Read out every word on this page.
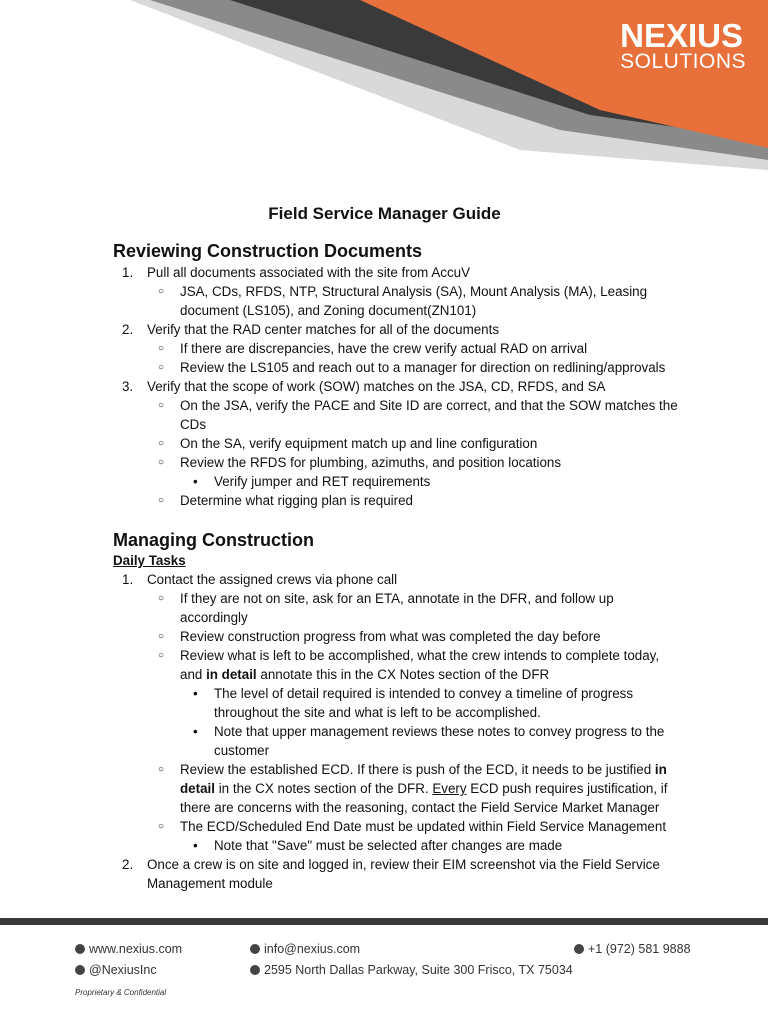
NEXIUS
SOLUTIONS
Field Service Manager Guide
Reviewing Construction Documents
1. Pull all documents associated with the site from AccuV
○ JSA, CDs, RFDS, NTP, Structural Analysis (SA), Mount Analysis (MA), Leasing
document (LS105), and Zoning document(ZN101)
2. Verify that the RAD center matches for all of the documents
○ If there are discrepancies, have the crew verify actual RAD on arrival
○ Review the LS105 and reach out to a manager for direction on redlining/approvals
3. Verify that the scope of work (SOW) matches on the JSA, CD, RFDS, and SA
○ On the JSA, verify the PACE and Site ID are correct, and that the SOW matches the
CDs
○ On the SA, verify equipment match up and line configuration
○ Review the RFDS for plumbing, azimuths, and position locations
• Verify jumper and RET requirements
○ Determine what rigging plan is required
Managing Construction
Daily Tasks
1. Contact the assigned crews via phone call
○ If they are not on site, ask for an ETA, annotate in the DFR, and follow up
accordingly
○ Review construction progress from what was completed the day before
○ Review what is left to be accomplished, what the crew intends to complete today,
and in detail annotate this in the CX Notes section of the DFR
• The level of detail required is intended to convey a timeline of progress
throughout the site and what is left to be accomplished.
• Note that upper management reviews these notes to convey progress to the
customer
○ Review the established ECD. If there is push of the ECD, it needs to be justified in
detail in the CX notes section of the DFR. Every ECD push requires justification, if
there are concerns with the reasoning, contact the Field Service Market Manager
○ The ECD/Scheduled End Date must be updated within Field Service Management
• Note that "Save" must be selected after changes are made
2. Once a crew is on site and logged in, review their EIM screenshot via the Field Service
Management module
www.nexius.com
@NexiusInc
info@nexius.com
2595 North Dallas Parkway, Suite 300 Frisco, TX 75034
+1 (972) 581 9888
Proprietary & Confidential
